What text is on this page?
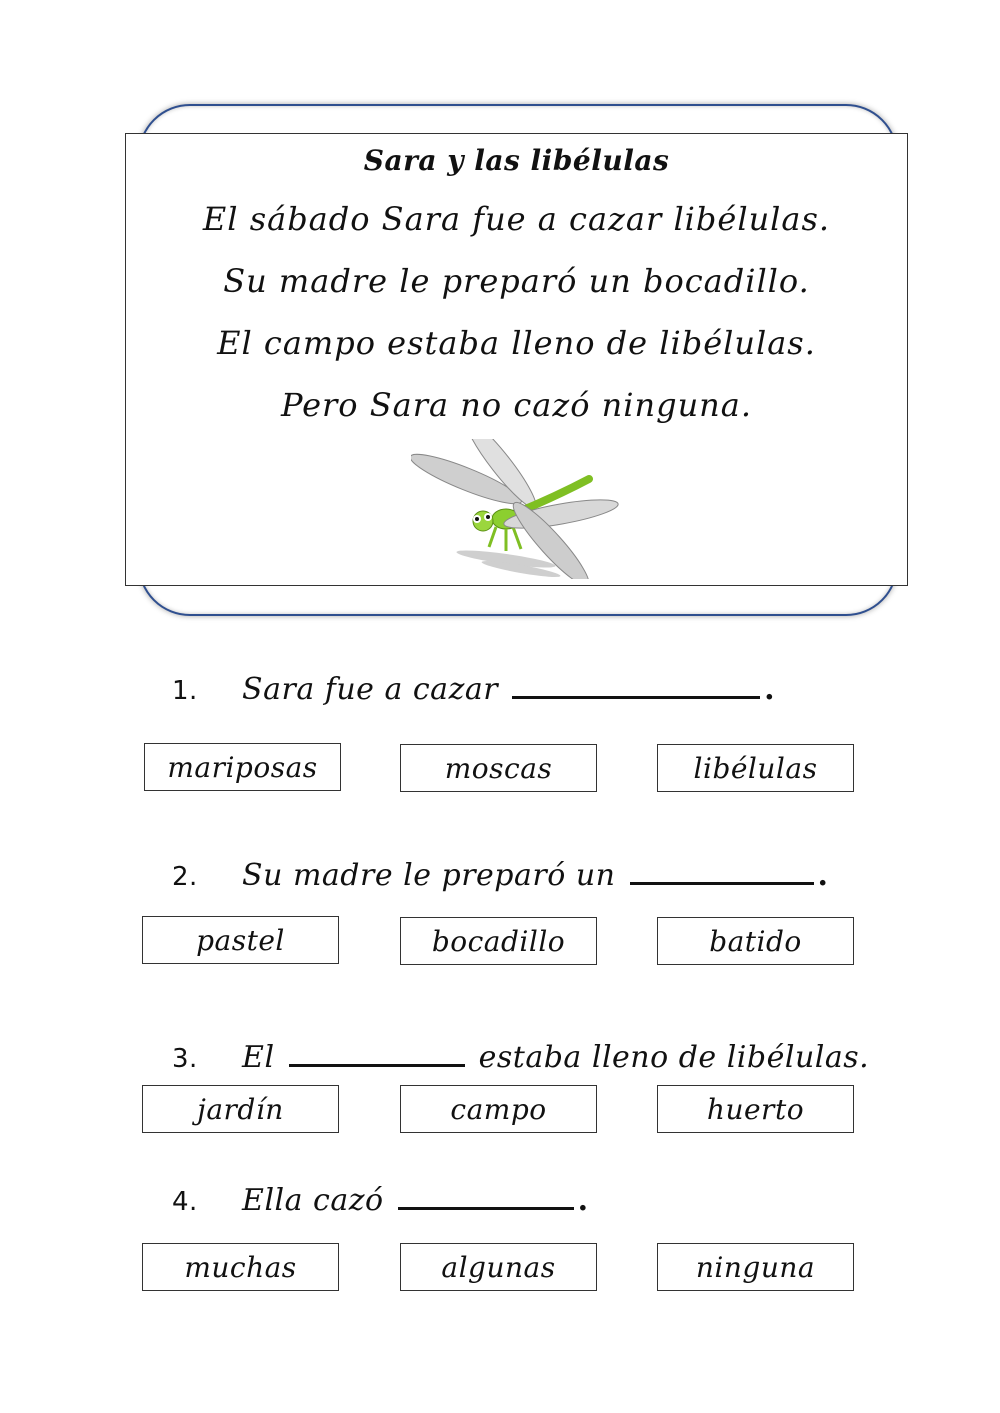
Sara y las libélulas
El sábado Sara fue a cazar libélulas.
Su madre le preparó un bocadillo.
El campo estaba lleno de libélulas.
Pero Sara no cazó ninguna.
1. Sara fue a cazar	.
mariposas	moscas	libélulas
2. Su madre le preparó un	.
pastel	bocadillo	batido
3. El	estaba lleno de libélulas.
jardín	campo	huerto
4. Ella cazó	.
muchas	algunas	ninguna
